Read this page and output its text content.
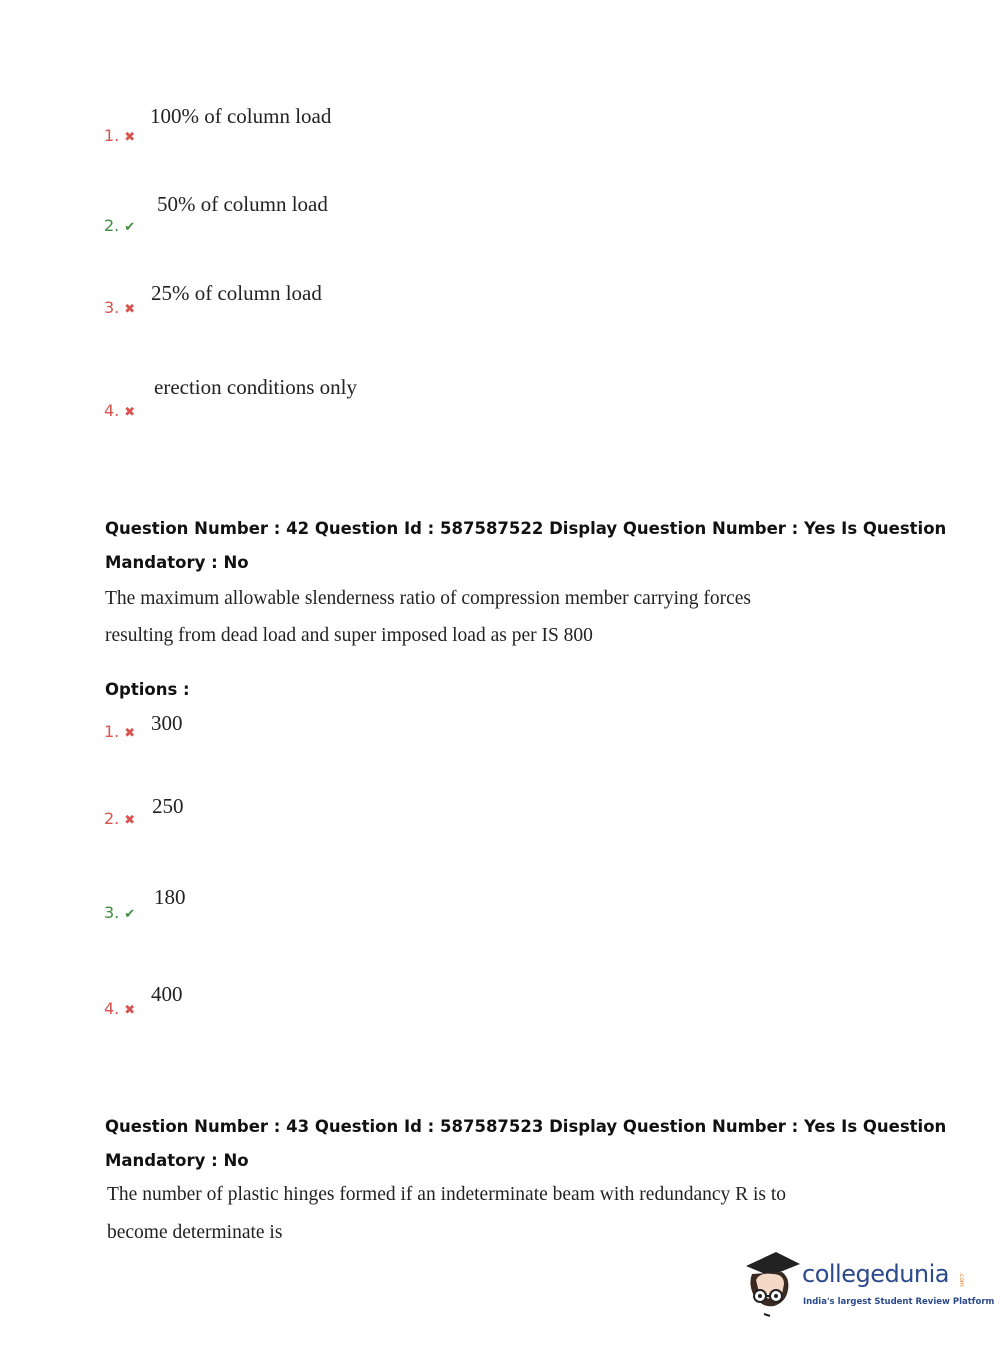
1. ✖
100% of column load
2. ✔
50% of column load
3. ✖
25% of column load
4. ✖
erection conditions only
Question Number : 42 Question Id : 587587522 Display Question Number : Yes Is Question
Mandatory : No
The maximum allowable slenderness ratio of compression member carrying forces
resulting from dead load and super imposed load as per IS 800
Options :
1. ✖ 300
2. ✖
250
3. ✔
180
4. ✖
400
Question Number : 43 Question Id : 587587523 Display Question Number : Yes Is Question
Mandatory : No
The number of plastic hinges formed if an indeterminate beam with redundancy R is to
become determinate is
collegedunia .com
India's largest Student Review Platform
